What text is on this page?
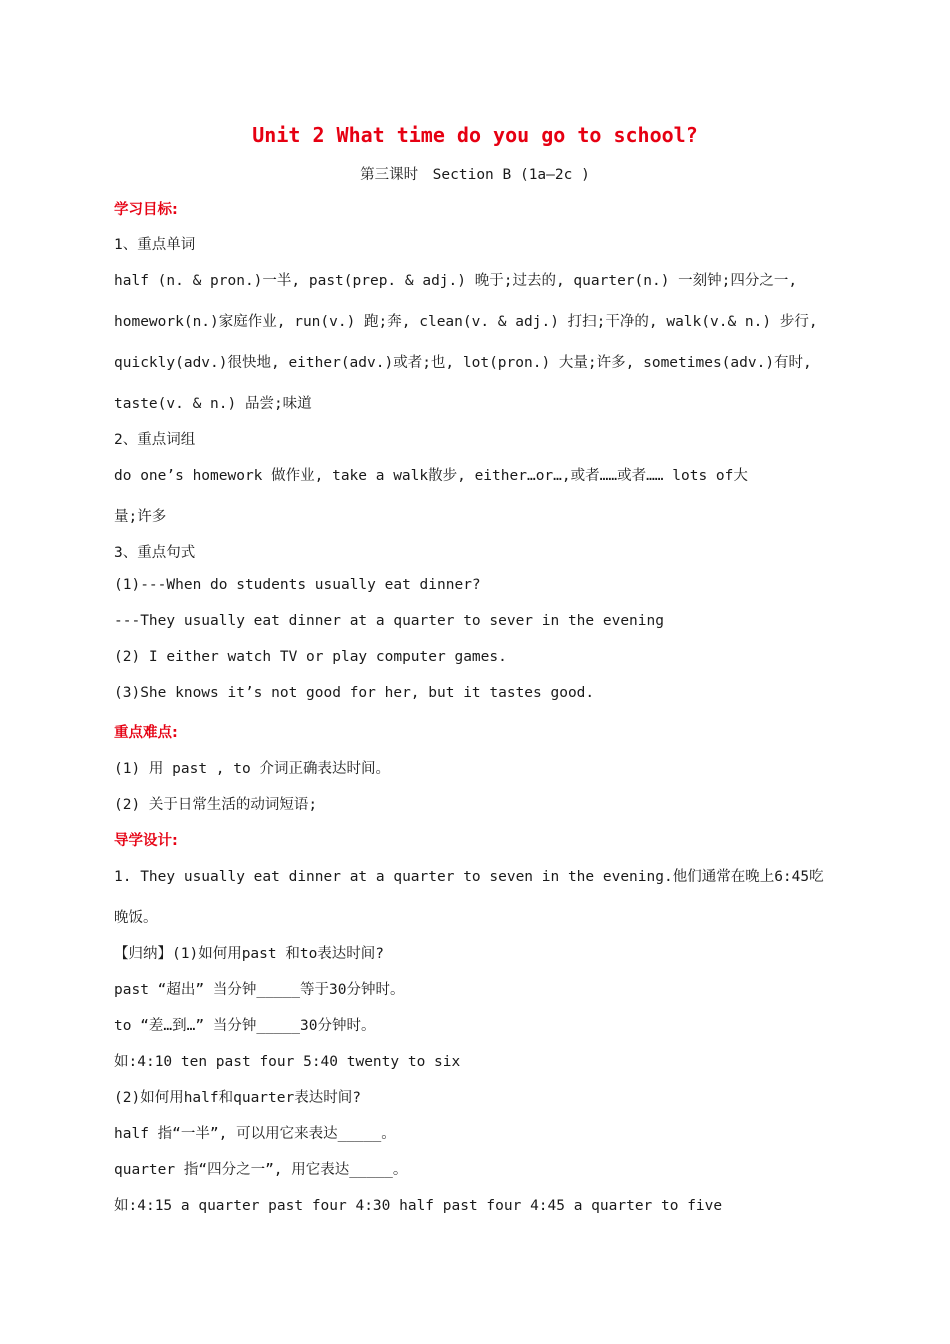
Unit 2 What time do you go to school?
第三课时　Section B (1a—2c )
学习目标:
1、重点单词
half (n. & pron.)一半, past(prep. & adj.) 晚于;过去的, quarter(n.) 一刻钟;四分之一,
homework(n.)家庭作业, run(v.) 跑;奔, clean(v. & adj.) 打扫;干净的, walk(v.& n.) 步行,
quickly(adv.)很快地, either(adv.)或者;也, lot(pron.) 大量;许多, sometimes(adv.)有时,
taste(v. & n.) 品尝;味道
2、重点词组
do one’s homework 做作业, take a walk散步, either…or…,或者……或者…… lots of大
量;许多
3、重点句式
(1)---When do students usually eat dinner?
---They usually eat dinner at a quarter to sever in the evening
(2) I either watch TV or play computer games.
(3)She knows it’s not good for her, but it tastes good.
重点难点:
(1) 用 past , to 介词正确表达时间。
(2) 关于日常生活的动词短语;
导学设计:
1. They usually eat dinner at a quarter to seven in the evening.他们通常在晚上6:45吃
晚饭。
【归纳】(1)如何用past 和to表达时间?
past “超出” 当分钟_____等于30分钟时。
to “差…到…” 当分钟_____30分钟时。
如:4:10 ten past four 5:40 twenty to six
(2)如何用half和quarter表达时间?
half 指“一半”, 可以用它来表达_____。
quarter 指“四分之一”, 用它表达_____。
如:4:15 a quarter past four 4:30 half past four 4:45 a quarter to five
